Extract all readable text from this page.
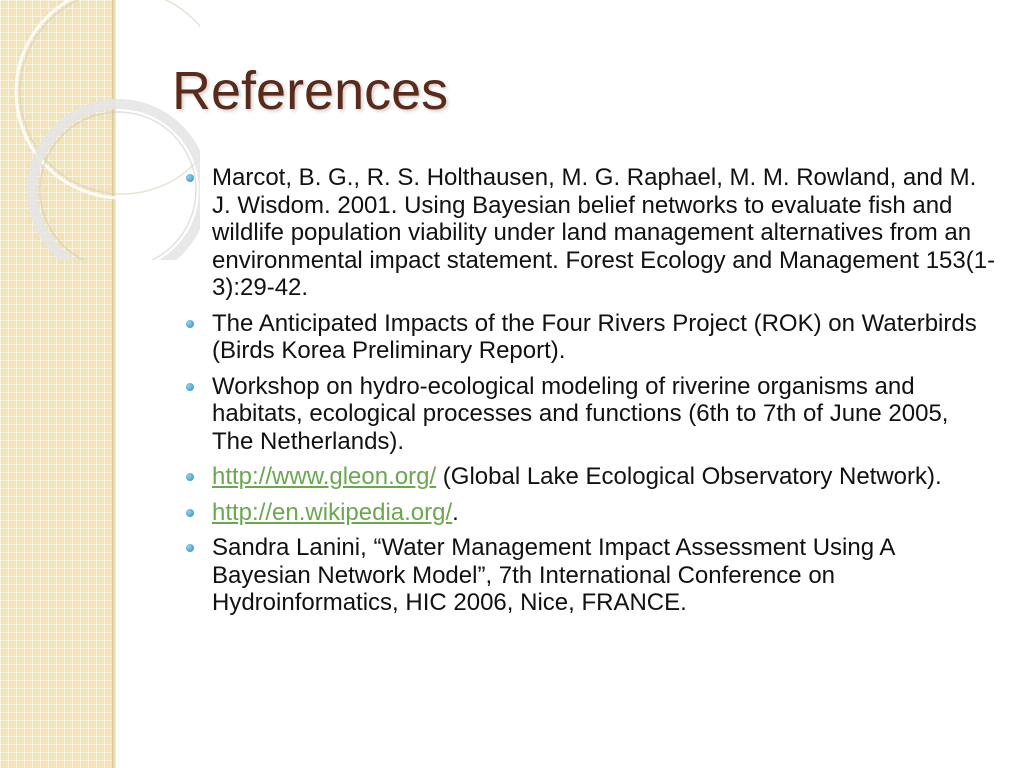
References
Marcot, B. G., R. S. Holthausen, M. G. Raphael, M. M. Rowland, and M. J. Wisdom. 2001. Using Bayesian belief networks to evaluate fish and wildlife population viability under land management alternatives from an environmental impact statement. Forest Ecology and Management 153(1-3):29-42.
The Anticipated Impacts of the Four Rivers Project (ROK) on Waterbirds (Birds Korea Preliminary Report).
Workshop on hydro-ecological modeling of riverine organisms and habitats, ecological processes and functions (6th to 7th of June 2005, The Netherlands).
http://www.gleon.org/ (Global Lake Ecological Observatory Network).
http://en.wikipedia.org/.
Sandra Lanini, “Water Management Impact Assessment Using A Bayesian Network Model”, 7th International Conference on Hydroinformatics, HIC 2006, Nice, FRANCE.
